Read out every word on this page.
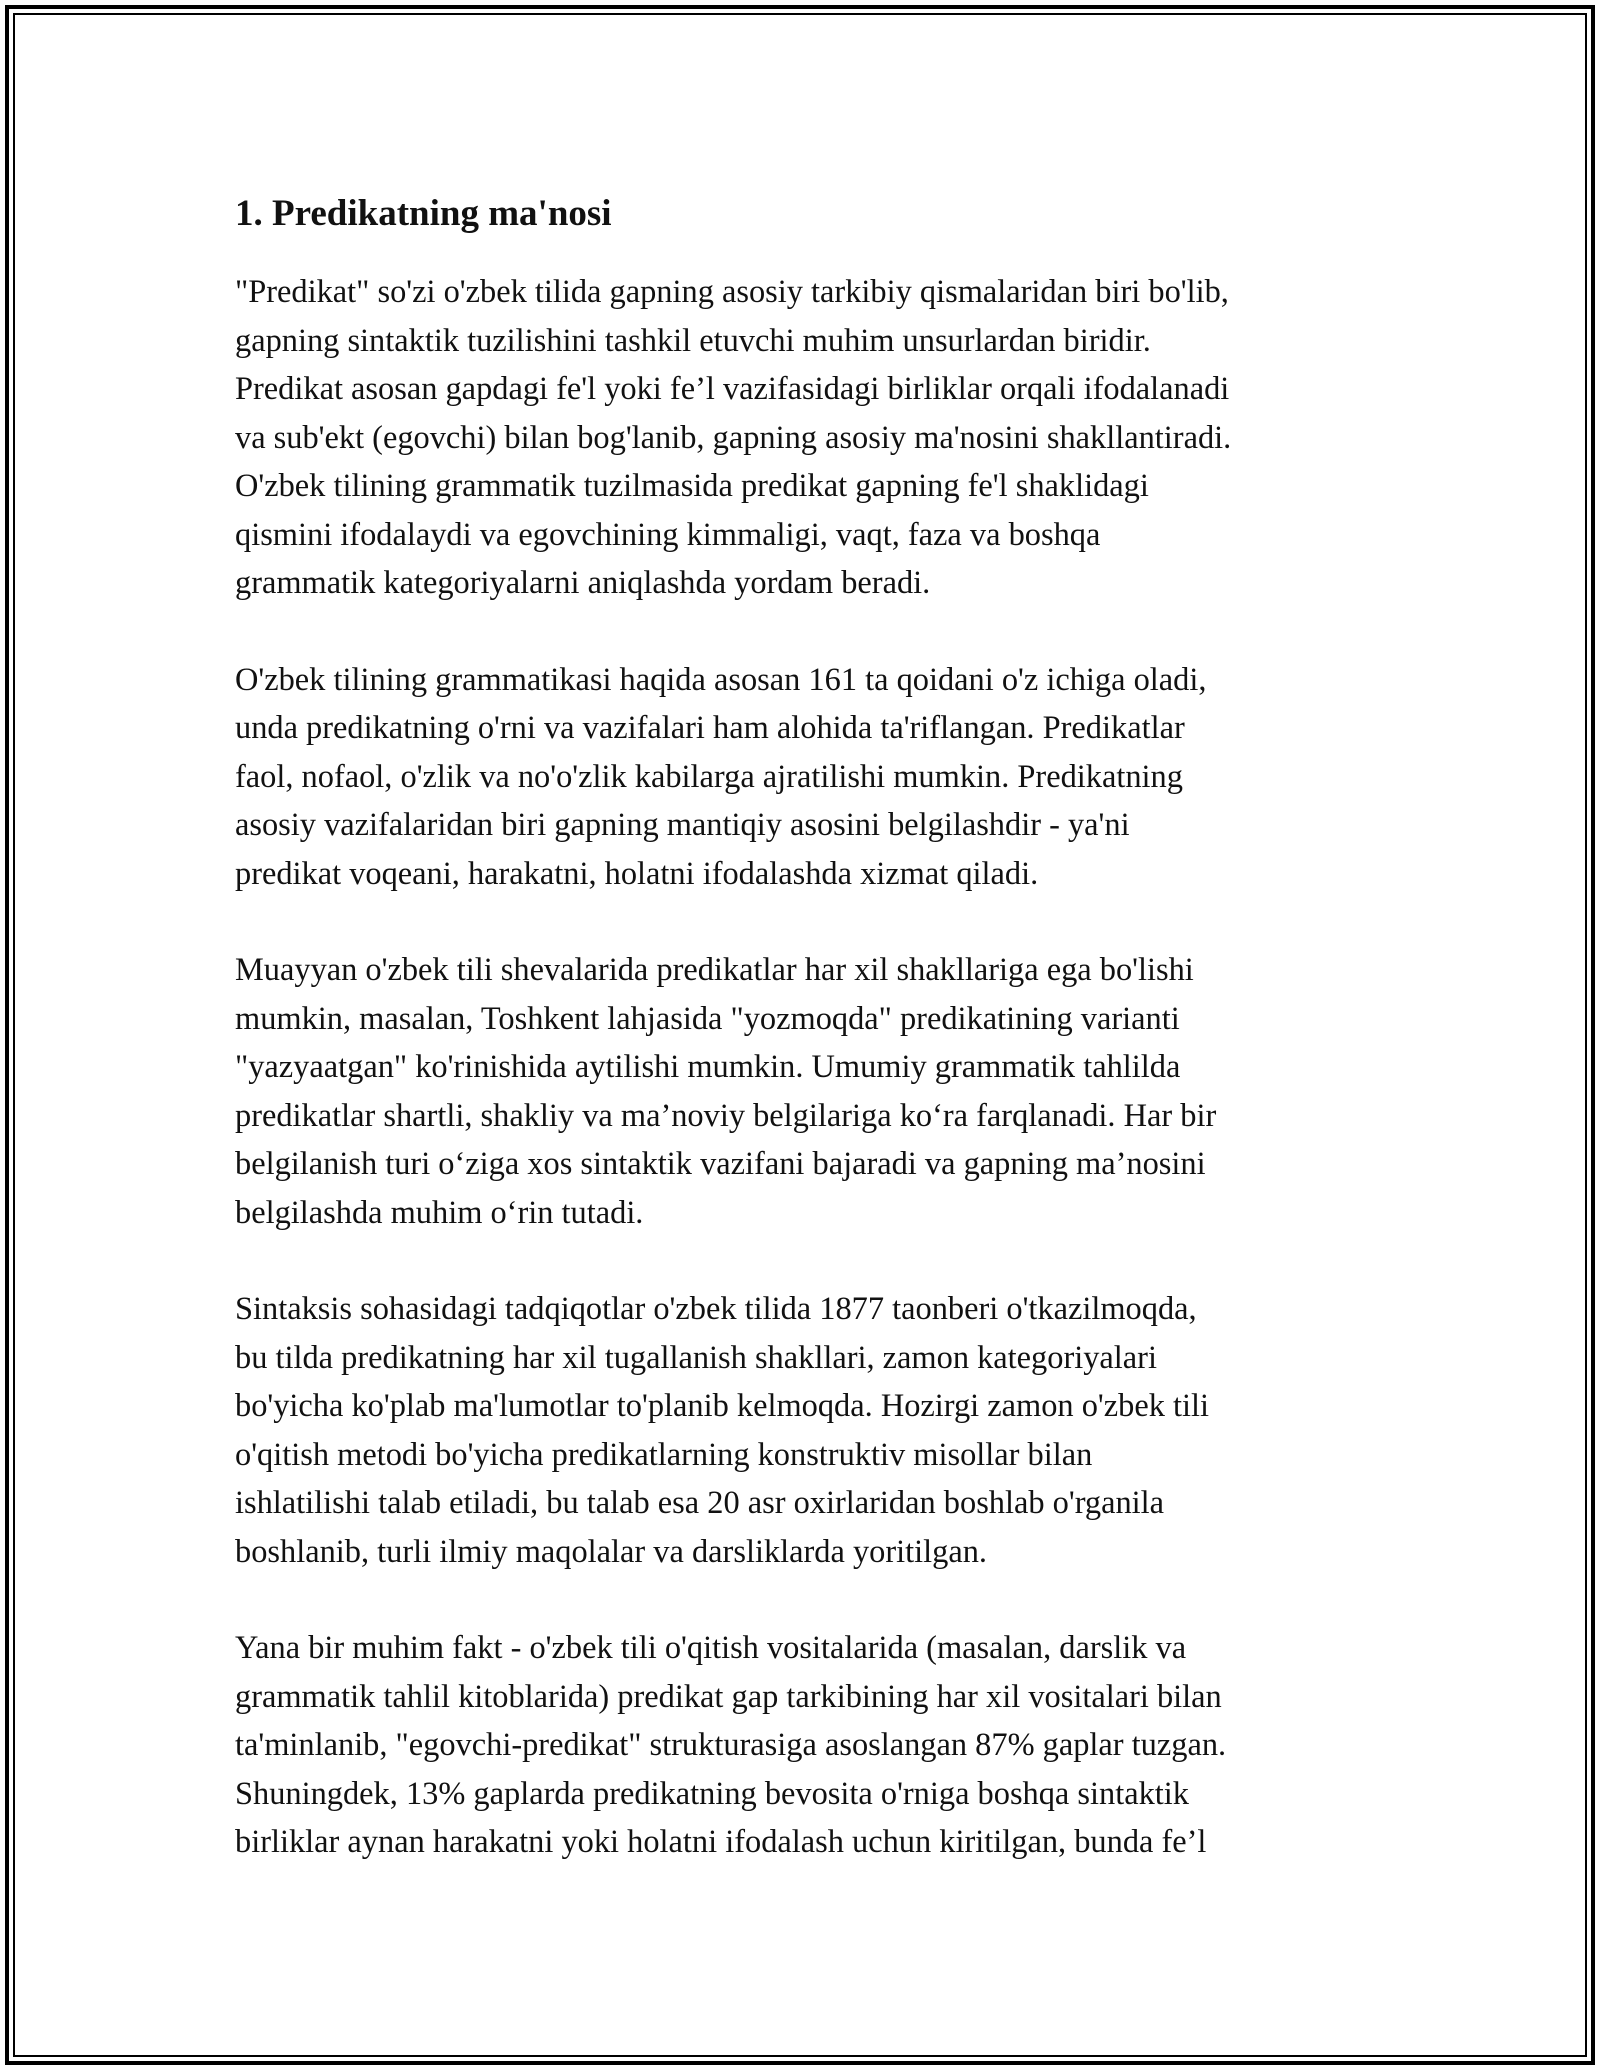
1. Predikatning ma'nosi

"Predikat" so'zi o'zbek tilida gapning asosiy tarkibiy qismalaridan biri bo'lib,
gapning sintaktik tuzilishini tashkil etuvchi muhim unsurlardan biridir.
Predikat asosan gapdagi fe'l yoki fe’l vazifasidagi birliklar orqali ifodalanadi
va sub'ekt (egovchi) bilan bog'lanib, gapning asosiy ma'nosini shakllantiradi.
O'zbek tilining grammatik tuzilmasida predikat gapning fe'l shaklidagi
qismini ifodalaydi va egovchining kimmaligi, vaqt, faza va boshqa
grammatik kategoriyalarni aniqlashda yordam beradi.

O'zbek tilining grammatikasi haqida asosan 161 ta qoidani o'z ichiga oladi,
unda predikatning o'rni va vazifalari ham alohida ta'riflangan. Predikatlar
faol, nofaol, o'zlik va no'o'zlik kabilarga ajratilishi mumkin. Predikatning
asosiy vazifalaridan biri gapning mantiqiy asosini belgilashdir - ya'ni
predikat voqeani, harakatni, holatni ifodalashda xizmat qiladi.

Muayyan o'zbek tili shevalarida predikatlar har xil shakllariga ega bo'lishi
mumkin, masalan, Toshkent lahjasida "yozmoqda" predikatining varianti
"yazyaatgan" ko'rinishida aytilishi mumkin. Umumiy grammatik tahlilda
predikatlar shartli, shakliy va ma’noviy belgilariga ko‘ra farqlanadi. Har bir
belgilanish turi o‘ziga xos sintaktik vazifani bajaradi va gapning ma’nosini
belgilashda muhim o‘rin tutadi.

Sintaksis sohasidagi tadqiqotlar o'zbek tilida 1877 taonberi o'tkazilmoqda,
bu tilda predikatning har xil tugallanish shakllari, zamon kategoriyalari
bo'yicha ko'plab ma'lumotlar to'planib kelmoqda. Hozirgi zamon o'zbek tili
o'qitish metodi bo'yicha predikatlarning konstruktiv misollar bilan
ishlatilishi talab etiladi, bu talab esa 20 asr oxirlaridan boshlab o'rganila
boshlanib, turli ilmiy maqolalar va darsliklarda yoritilgan.

Yana bir muhim fakt - o'zbek tili o'qitish vositalarida (masalan, darslik va
grammatik tahlil kitoblarida) predikat gap tarkibining har xil vositalari bilan
ta'minlanib, "egovchi-predikat" strukturasiga asoslangan 87% gaplar tuzgan.
Shuningdek, 13% gaplarda predikatning bevosita o'rniga boshqa sintaktik
birliklar aynan harakatni yoki holatni ifodalash uchun kiritilgan, bunda fe’l
